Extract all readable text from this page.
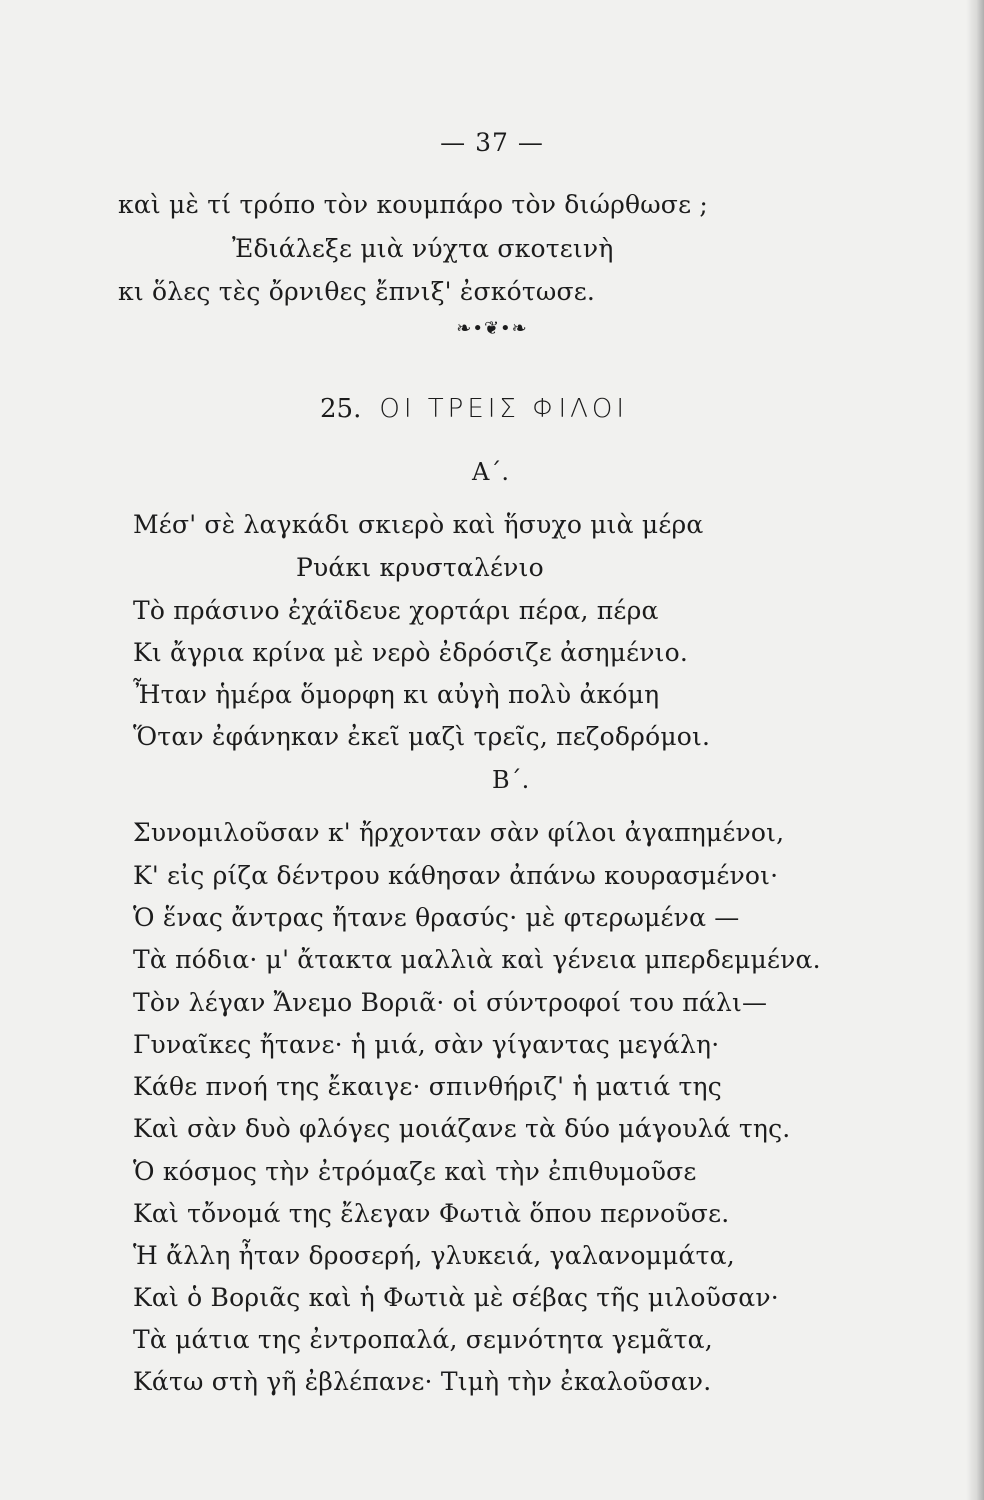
— 37 —
καὶ μὲ τί τρόπο τὸν κουμπάρο τὸν διώρθωσε ;
Ἐδιάλεξε μιὰ νύχτα σκοτεινὴ
κι ὅλες τὲς ὄρνιθες ἔπνιξ' ἐσκότωσε.
❧•❦•❧
25. ΟΙ ΤΡΕΙΣ ΦΙΛΟΙ
Α΄.
Μέσ' σὲ λαγκάδι σκιερὸ καὶ ἥσυχο μιὰ μέρα
Ρυάκι κρυσταλένιο
Τὸ πράσινο ἐχάϊδευε χορτάρι πέρα, πέρα
Κι ἄγρια κρίνα μὲ νερὸ ἐδρόσιζε ἀσημένιο.
Ἦταν ἡμέρα ὅμορφη κι αὐγὴ πολὺ ἀκόμη
Ὅταν ἐφάνηκαν ἐκεῖ μαζὶ τρεῖς, πεζοδρόμοι.
Β΄.
Συνομιλοῦσαν κ' ἤρχονταν σὰν φίλοι ἀγαπημένοι,
Κ' εἰς ρίζα δέντρου κάθησαν ἀπάνω κουρασμένοι·
Ὁ ἕνας ἄντρας ἤτανε θρασύς· μὲ φτερωμένα —
Τὰ πόδια· μ' ἄτακτα μαλλιὰ καὶ γένεια μπερδεμμένα.
Τὸν λέγαν Ἄνεμο Βοριᾶ· οἱ σύντροφοί του πάλι—
Γυναῖκες ἤτανε· ἡ μιά, σὰν γίγαντας μεγάλη·
Κάθε πνοή της ἔκαιγε· σπινθήριζ' ἡ ματιά της
Καὶ σὰν δυὸ φλόγες μοιάζανε τὰ δύο μάγουλά της.
Ὁ κόσμος τὴν ἐτρόμαζε καὶ τὴν ἐπιθυμοῦσε
Καὶ τὄνομά της ἔλεγαν Φωτιὰ ὅπου περνοῦσε.
Ἡ ἄλλη ἦταν δροσερή, γλυκειά, γαλανομμάτα,
Καὶ ὁ Βοριᾶς καὶ ἡ Φωτιὰ μὲ σέβας τῆς μιλοῦσαν·
Τὰ μάτια της ἐντροπαλά, σεμνότητα γεμᾶτα,
Κάτω στὴ γῆ ἐβλέπανε· Τιμὴ τὴν ἐκαλοῦσαν.
